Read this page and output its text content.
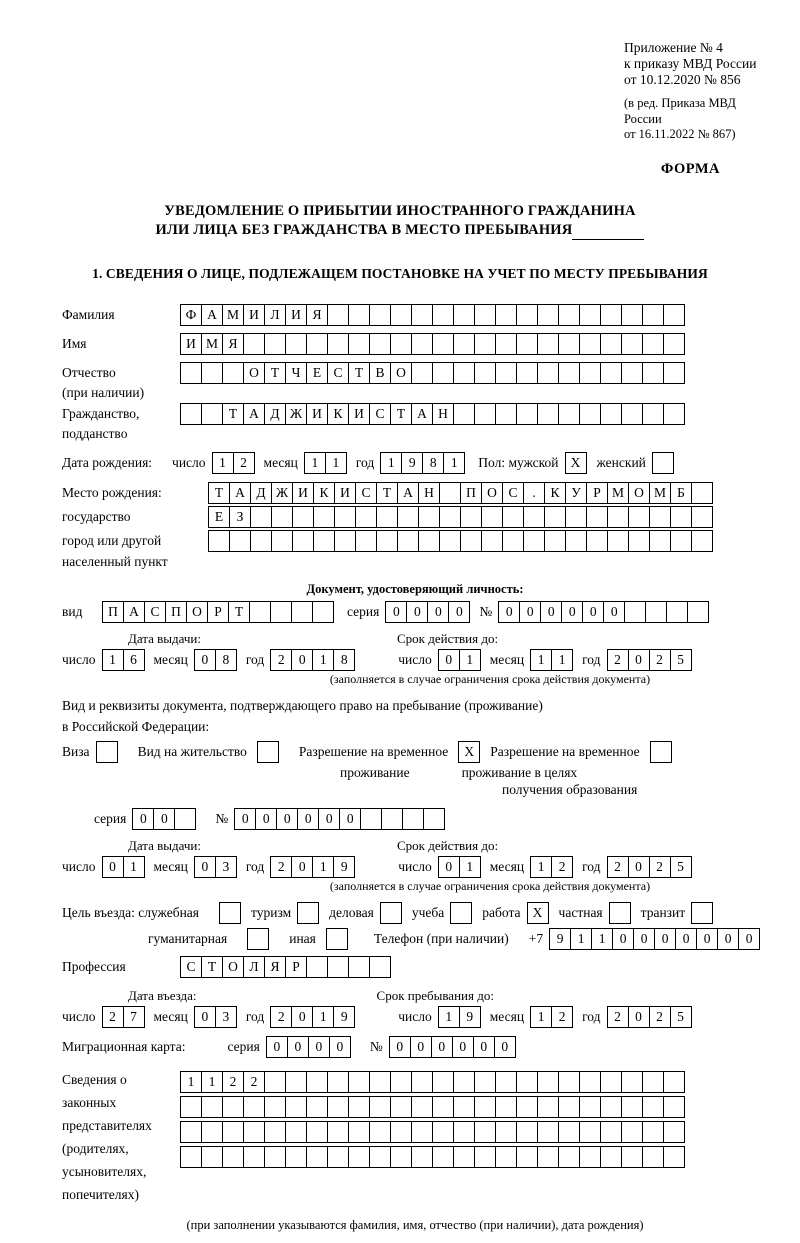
Приложение № 4
к приказу МВД России
от 10.12.2020 № 856
(в ред. Приказа МВД России
от 16.11.2022 № 867)
ФОРМА
УВЕДОМЛЕНИЕ О ПРИБЫТИИ ИНОСТРАННОГО ГРАЖДАНИНА
ИЛИ ЛИЦА БЕЗ ГРАЖДАНСТВА В МЕСТО ПРЕБЫВАНИЯ
1. СВЕДЕНИЯ О ЛИЦЕ, ПОДЛЕЖАЩЕМ ПОСТАНОВКЕ НА УЧЕТ ПО МЕСТУ ПРЕБЫВАНИЯ
Фамилия	Ф А М И Л И Я
Имя	И М Я
Отчество	О Т Ч Е С Т В О
(при наличии)
Гражданство,	Т А Д Ж И К И С Т А Н
подданство
Дата рождения: число	1	2	месяц	1	1	год	1	9	8	1	Пол: мужской X	женский
Место рождения:	Т А Д Ж И К И С Т А Н	П О С	.	К У Р М О М Б
государство	Е З
город или другой
населенный пункт
Документ, удостоверяющий личность:
вид	П А С П О Р Т	серия	0	0	0	0	№	0	0	0	0	0	0
Дата выдачи:	Срок действия до:
число	1	6	месяц	0	8	год	2	0	1	8	число	0	1	месяц	1	1	год	2	0	2	5
(заполняется в случае ограничения срока действия документа)
Вид и реквизиты документа, подтверждающего право на пребывание (проживание)
в Российской Федерации:
Виза	Вид на жительство	Разрешение на временное	X	Разрешение на временное
проживание	проживание в целях
получения образования
серия	0	0	№	0	0	0	0	0	0
Дата выдачи:	Срок действия до:
число	0	1	месяц	0	3	год	2	0	1	9	число	0	1	месяц	1	2	год	2	0	2	5
(заполняется в случае ограничения срока действия документа)
Цель въезда: служебная	туризм	деловая	учеба	работа X	частная	транзит
гуманитарная	иная	Телефон (при наличии) +7	9	1	1	0	0	0	0	0	0	0
Профессия	С Т О Л Я Р
Дата въезда:	Срок пребывания до:
число	2	7	месяц	0	3	год	2	0	1	9	число	1	9	месяц	1	2	год	2	0	2	5
Миграционная карта:	серия	0	0	0	0	№	0	0	0	0	0	0
Сведения о
законных
представителях
(родителях,
усыновителях,
попечителях)
1	1	2	2
(при заполнении указываются фамилия, имя, отчество (при наличии), дата рождения)
